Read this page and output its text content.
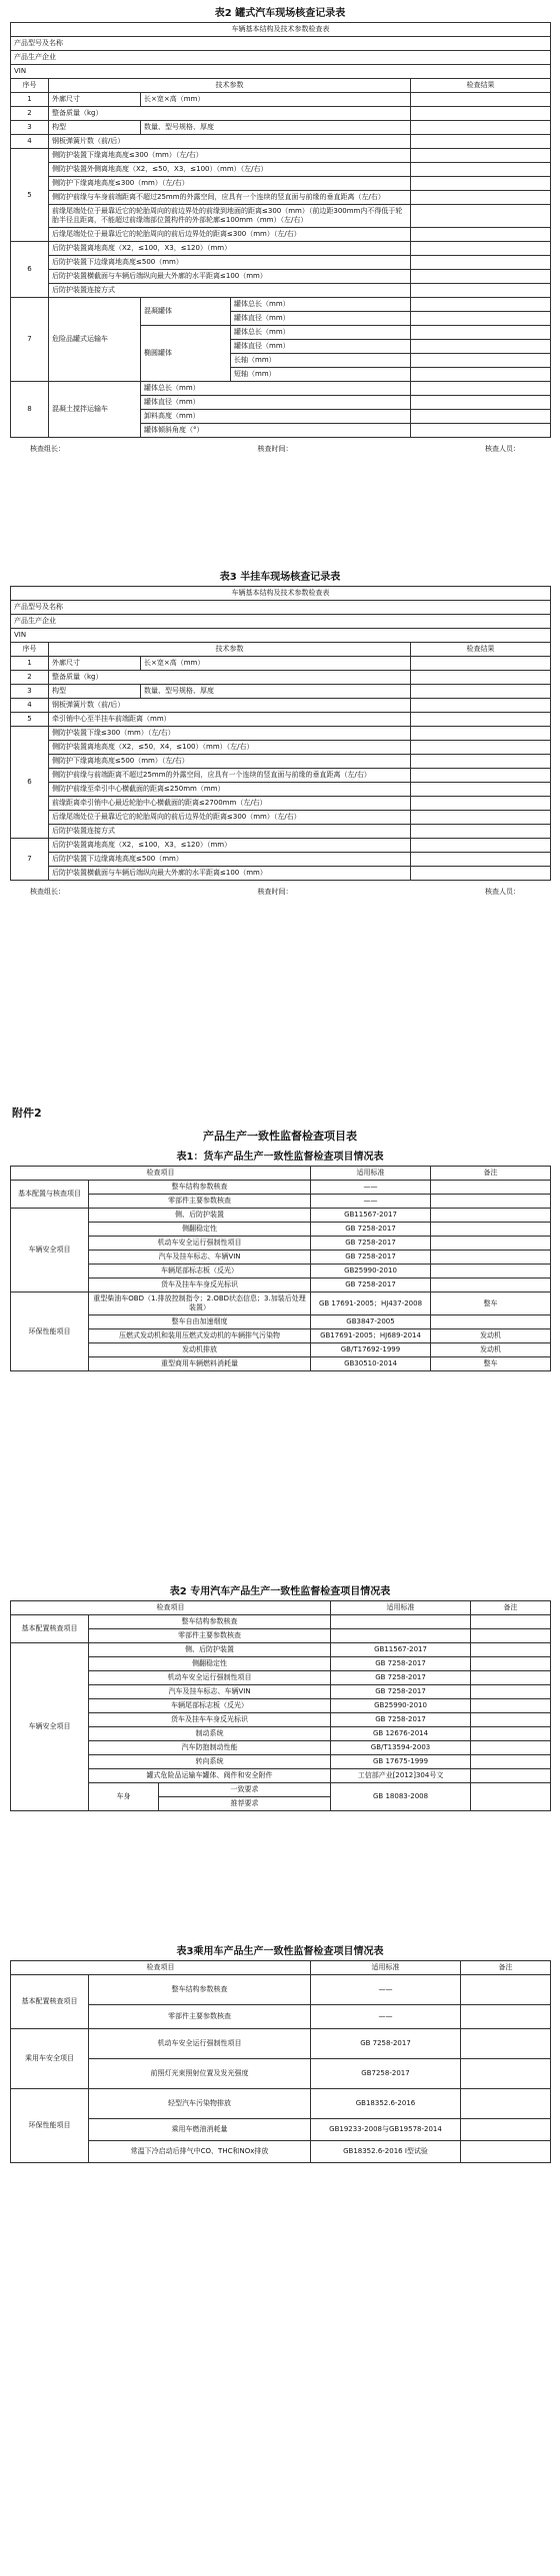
表2 罐式汽车现场核查记录表
车辆基本结构及技术参数检查表				
产品型号及名称				
产品生产企业				
VIN				
序号	技术参数			检查结果
1	外廓尺寸	长×宽×高（mm）		
2	整备质量（kg）			
3	构型	数量、型号规格、厚度		
4	钢板弹簧片数（前/后）			
5	侧防护装置下缘离地高度≤300（mm）（左/右）			
	侧防护装置外侧离地高度（X2，≤50，X3，≤100）（mm）（左/右）			
	侧防护下缘离地高度≤300（mm）（左/右）			
	侧防护前缘与车身前端距离不超过25mm的外露空间，应具有一个连续的竖直面与前缘的垂直距离（左/右）			
	前缘尾端处位于最靠近它的轮胎周向的前边界处的前缘到地面的距离≤300（mm）（前边距300mm内不得低于轮胎半径且距离，不能超过前缘端部位置构件的外部轮廓≤100mm（mm）（左/右）			
	后缘尾端处位于最靠近它的轮胎周向的前后边界处的距离≤300（mm）（左/右）			
6	后防护装置离地高度（X2，≤100，X3，≤120）（mm）			
	后防护装置下边缘离地高度≤500（mm）			
	后防护装置横截面与车辆后端纵向最大外廓的水平距离≤100（mm）			
	后防护装置连接方式			
7	危险品罐式运输车	混凝罐体	罐体总长（mm）	
			罐体直径（mm）	
		椭圆罐体	罐体总长（mm）	
			罐体直径（mm）	
			长轴（mm）	
			短轴（mm）	
8	混凝土搅拌运输车	罐体总长（mm）		
		罐体直径（mm）		
		卸料高度（mm）		
		罐体倾斜角度（°）		
核查组长：	核查时间：	核查人员：
表3 半挂车现场核查记录表
车辆基本结构及技术参数检查表			
产品型号及名称			
产品生产企业			
VIN			
序号	技术参数		检查结果
1	外廓尺寸	长×宽×高（mm）	
2	整备质量（kg）		
3	构型	数量、型号规格、厚度	
4	钢板弹簧片数（前/后）		
5	牵引销中心至半挂车前端距离（mm）		
6	侧防护装置下缘≤300（mm）（左/右）		
	侧防护装置离地高度（X2，≤50，X4，≤100）（mm）（左/右）		
	侧防护下缘离地高度≤500（mm）（左/右）		
	侧防护前缘与前端距离不超过25mm的外露空间，应具有一个连续的竖直面与前缘的垂直距离（左/右）		
	侧防护前缘至牵引中心横截面的距离≤250mm（mm）		
	前缘距离牵引销中心最近轮胎中心横截面的距离≤2700mm（左/右）		
	后缘尾端处位于最靠近它的轮胎周向的前后边界处的距离≤300（mm）（左/右）		
	后防护装置连接方式		
7	后防护装置离地高度（X2，≤100，X3，≤120）（mm）		
	后防护装置下边缘离地高度≤500（mm）		
	后防护装置横截面与车辆后端纵向最大外廓的水平距离≤100（mm）		
核查组长：	核查时间：	核查人员：
附件2
产品生产一致性监督检查项目表
表1：货车产品生产一致性监督检查项目情况表
检查项目		适用标准	备注
基本配置与核查项目	整车结构参数核查	——	
	零部件主要参数核查	——	
车辆安全项目	侧、后防护装置	GB11567-2017	
	侧翻稳定性	GB 7258-2017	
	机动车安全运行强制性项目	GB 7258-2017	
	汽车及挂车标志、车辆VIN	GB 7258-2017	
	车辆尾部标志板（反光）	GB25990-2010	
	货车及挂车车身反光标识	GB 7258-2017	
环保性能项目	重型柴油车OBD（1.排放控制指令；2.OBD状态信息；3.加装后处理装置）	GB 17691-2005；HJ437-2008	整车
	整车自由加速烟度	GB3847-2005	
	压燃式发动机和装用压燃式发动机的车辆排气污染物	GB17691-2005；HJ689-2014	发动机
	发动机排放	GB/T17692-1999	发动机
	重型商用车辆燃料消耗量	GB30510-2014	整车
表2 专用汽车产品生产一致性监督检查项目情况表
检查项目			适用标准	备注
基本配置核查项目	整车结构参数核查			
	零部件主要参数核查			
车辆安全项目	侧、后防护装置		GB11567-2017	
	侧翻稳定性		GB 7258-2017	
	机动车安全运行强制性项目		GB 7258-2017	
	汽车及挂车标志、车辆VIN		GB 7258-2017	
	车辆尾部标志板（反光）		GB25990-2010	
	货车及挂车车身反光标识		GB 7258-2017	
	制动系统		GB 12676-2014	
	汽车防抱制动性能		GB/T13594-2003	
	转向系统		GB 17675-1999	
	罐式危险品运输车罐体、阀件和安全附件		工信部产业[2012]304号文	
	车身	一致要求	GB 18083-2008	
		推荐要求		
表3乘用车产品生产一致性监督检查项目情况表
检查项目		适用标准	备注
基本配置核查项目	整车结构参数核查	——	
	零部件主要参数核查	——	
乘用车安全项目	机动车安全运行强制性项目	GB 7258-2017	
	前照灯光束照射位置及发光强度	GB7258-2017	
环保性能项目	轻型汽车污染物排放	GB18352.6-2016	
	乘用车燃油消耗量	GB19233-2008与GB19578-2014	
	常温下冷启动后排气中CO、THC和NOx排放	GB18352.6-2016 Ⅰ型试验	
